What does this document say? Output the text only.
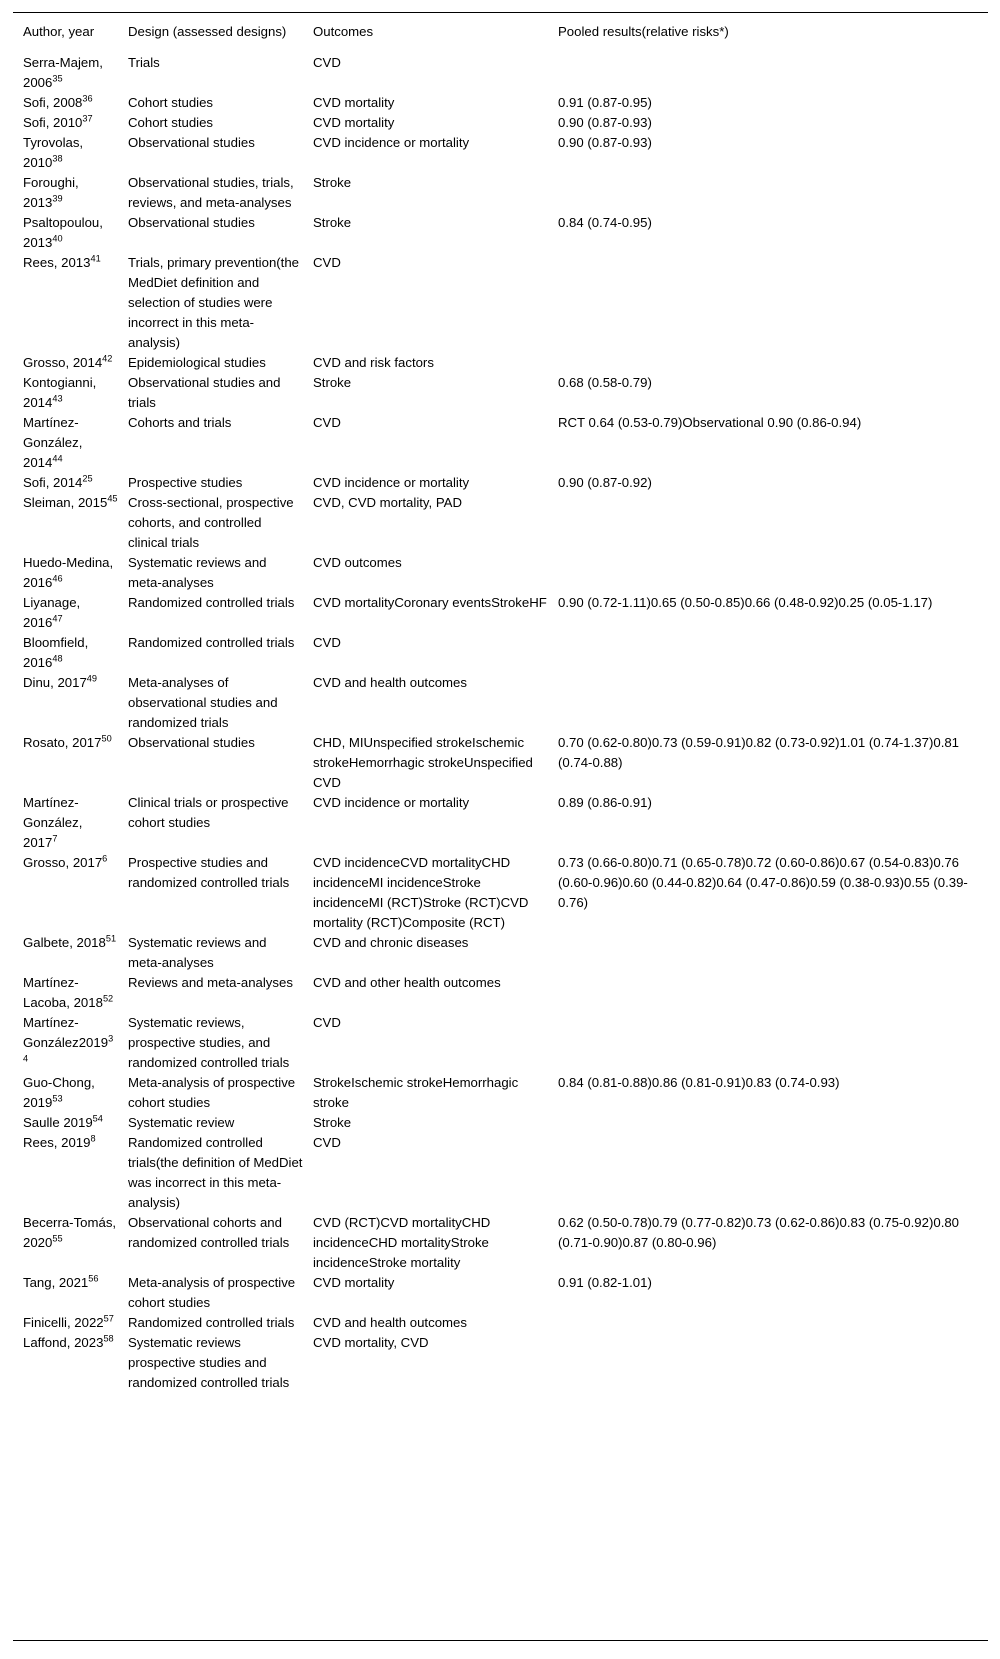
Author, year	Design (assessed designs)	Outcomes	Pooled results(relative risks*)
Serra-Majem, 2006$^{35}$	Trials	CVD	
Sofi, 2008$^{36}$	Cohort studies	CVD mortality	0.91 (0.87-0.95)
Sofi, 2010$^{37}$	Cohort studies	CVD mortality	0.90 (0.87-0.93)
Tyrovolas, 2010$^{38}$	Observational studies	CVD incidence or mortality	0.90 (0.87-0.93)
Foroughi, 2013$^{39}$	Observational studies, trials, reviews, and meta-analyses	Stroke	
Psaltopoulou, 2013$^{40}$	Observational studies	Stroke	0.84 (0.74-0.95)
Rees, 2013$^{41}$	Trials, primary prevention(the MedDiet definition and selection of studies were incorrect in this meta-analysis)	CVD	
Grosso, 2014$^{42}$	Epidemiological studies	CVD and risk factors	
Kontogianni, 2014$^{43}$	Observational studies and trials	Stroke	0.68 (0.58-0.79)
Martínez-González, 2014$^{44}$	Cohorts and trials	CVD	RCT 0.64 (0.53-0.79)Observational 0.90 (0.86-0.94)
Sofi, 2014$^{25}$	Prospective studies	CVD incidence or mortality	0.90 (0.87-0.92)
Sleiman, 2015$^{45}$	Cross-sectional, prospective cohorts, and controlled clinical trials	CVD, CVD mortality, PAD	
Huedo-Medina, 2016$^{46}$	Systematic reviews and meta-analyses	CVD outcomes	
Liyanage, 2016$^{47}$	Randomized controlled trials	CVD mortalityCoronary eventsStrokeHF	0.90 (0.72-1.11)0.65 (0.50-0.85)0.66 (0.48-0.92)0.25 (0.05-1.17)
Bloomfield, 2016$^{48}$	Randomized controlled trials	CVD	
Dinu, 2017$^{49}$	Meta-analyses of observational studies and randomized trials	CVD and health outcomes	
Rosato, 2017$^{50}$	Observational studies	CHD, MIUnspecified strokeIschemic strokeHemorrhagic strokeUnspecified CVD	0.70 (0.62-0.80)0.73 (0.59-0.91)0.82 (0.73-0.92)1.01 (0.74-1.37)0.81 (0.74-0.88)
Martínez-González, 2017$^7$	Clinical trials or prospective cohort studies	CVD incidence or mortality	0.89 (0.86-0.91)
Grosso, 2017$^6$	Prospective studies and randomized controlled trials	CVD incidenceCVD mortalityCHD incidenceMI incidenceStroke incidenceMI (RCT)Stroke (RCT)CVD mortality (RCT)Composite (RCT)	0.73 (0.66-0.80)0.71 (0.65-0.78)0.72 (0.60-0.86)0.67 (0.54-0.83)0.76 (0.60-0.96)0.60 (0.44-0.82)0.64 (0.47-0.86)0.59 (0.38-0.93)0.55 (0.39-0.76)
Galbete, 2018$^{51}$	Systematic reviews and meta-analyses	CVD and chronic diseases	
Martínez-Lacoba, 2018$^{52}$	Reviews and meta-analyses	CVD and other health outcomes	
Martínez-González2019$^{34}$	Systematic reviews, prospective studies, and randomized controlled trials	CVD	
Guo-Chong, 2019$^{53}$	Meta-analysis of prospective cohort studies	StrokeIschemic strokeHemorrhagic stroke	0.84 (0.81-0.88)0.86 (0.81-0.91)0.83 (0.74-0.93)
Saulle 2019$^{54}$	Systematic review	Stroke	
Rees, 2019$^8$	Randomized controlled trials(the definition of MedDiet was incorrect in this meta-analysis)	CVD	
Becerra-Tomás, 2020$^{55}$	Observational cohorts and randomized controlled trials	CVD (RCT)CVD mortalityCHD incidenceCHD mortalityStroke incidenceStroke mortality	0.62 (0.50-0.78)0.79 (0.77-0.82)0.73 (0.62-0.86)0.83 (0.75-0.92)0.80 (0.71-0.90)0.87 (0.80-0.96)
Tang, 2021$^{56}$	Meta-analysis of prospective cohort studies	CVD mortality	0.91 (0.82-1.01)
Finicelli, 2022$^{57}$	Randomized controlled trials	CVD and health outcomes	
Laffond, 2023$^{58}$	Systematic reviews prospective studies and randomized controlled trials	CVD mortality, CVD	
